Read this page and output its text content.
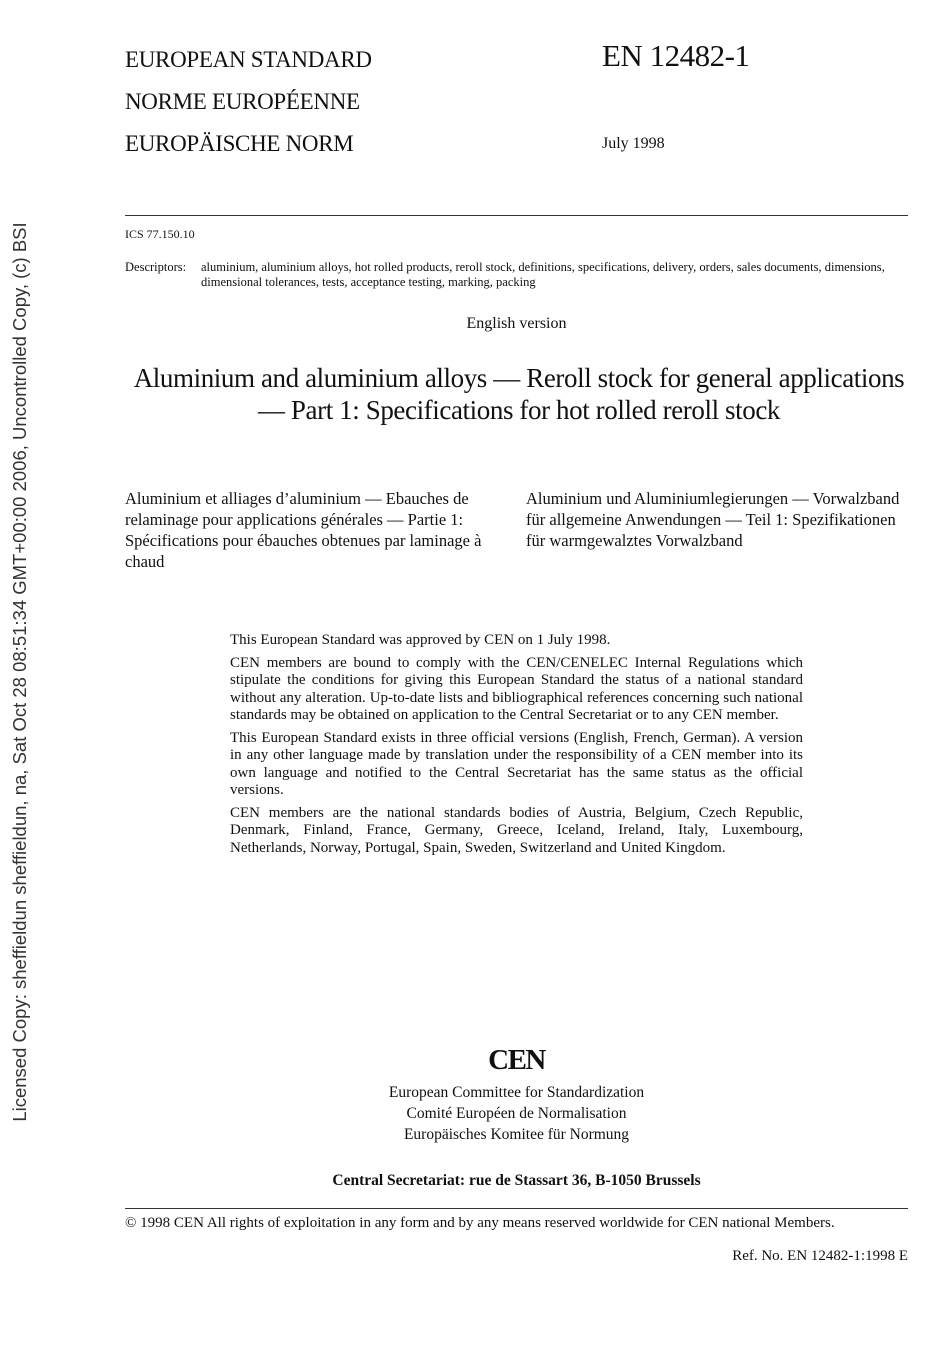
EUROPEAN STANDARD
NORME EUROPÉENNE
EUROPÄISCHE NORM
EN 12482-1
July 1998
ICS 77.150.10
Descriptors: aluminium, aluminium alloys, hot rolled products, reroll stock, definitions, specifications, delivery, orders, sales documents, dimensions, dimensional tolerances, tests, acceptance testing, marking, packing
English version
Aluminium and aluminium alloys — Reroll stock for general applications — Part 1: Specifications for hot rolled reroll stock
Aluminium et alliages d’aluminium — Ebauches de relaminage pour applications générales — Partie 1: Spécifications pour ébauches obtenues par laminage à chaud
Aluminium und Aluminiumlegierungen — Vorwalzband für allgemeine Anwendungen — Teil 1: Spezifikationen für warmgewalztes Vorwalzband

This European Standard was approved by CEN on 1 July 1998.

CEN members are bound to comply with the CEN/CENELEC Internal Regulations which stipulate the conditions for giving this European Standard the status of a national standard without any alteration. Up-to-date lists and bibliographical references concerning such national standards may be obtained on application to the Central Secretariat or to any CEN member.

This European Standard exists in three official versions (English, French, German). A version in any other language made by translation under the responsibility of a CEN member into its own language and notified to the Central Secretariat has the same status as the official versions.

CEN members are the national standards bodies of Austria, Belgium, Czech Republic, Denmark, Finland, France, Germany, Greece, Iceland, Ireland, Italy, Luxembourg, Netherlands, Norway, Portugal, Spain, Sweden, Switzerland and United Kingdom.

CEN
European Committee for Standardization
Comité Européen de Normalisation
Europäisches Komitee für Normung
Central Secretariat: rue de Stassart 36, B-1050 Brussels
© 1998 CEN All rights of exploitation in any form and by any means reserved worldwide for CEN national Members.
Ref. No. EN 12482-1:1998 E
Licensed Copy: sheffieldun sheffieldun, na, Sat Oct 28 08:51:34 GMT+00:00 2006, Uncontrolled Copy, (c) BSI
